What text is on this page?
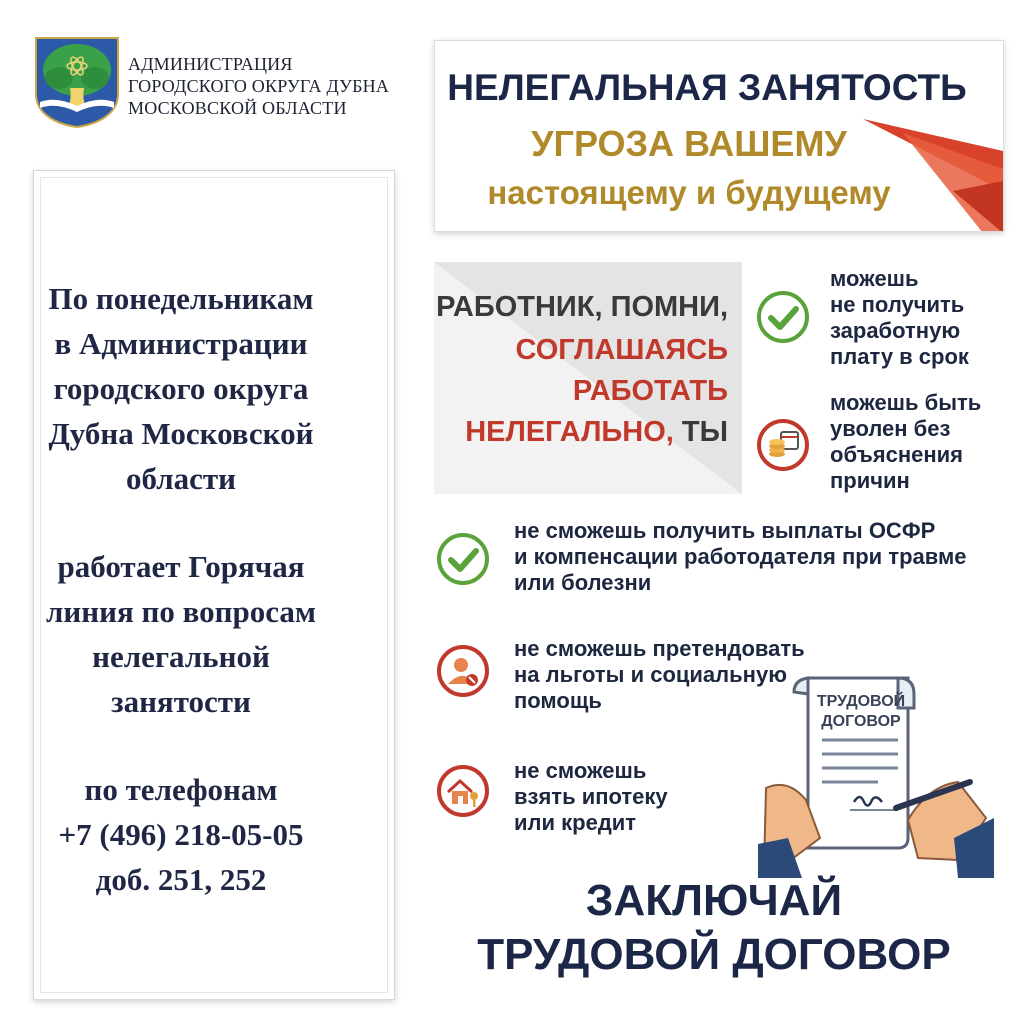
АДМИНИСТРАЦИЯ
ГОРОДСКОГО ОКРУГА ДУБНА
МОСКОВСКОЙ ОБЛАСТИ
По понедельникам
в Администрации
городского округа
Дубна Московской
области
работает Горячая
линия по вопросам
нелегальной
занятости
по телефонам
+7 (496) 218-05-05
доб. 251, 252
НЕЛЕГАЛЬНАЯ ЗАНЯТОСТЬ
УГРОЗА ВАШЕМУ
настоящему и будущему
РАБОТНИК, ПОМНИ,
СОГЛАШАЯСЬ
РАБОТАТЬ
НЕЛЕГАЛЬНО, ТЫ
можешь
не получить
заработную
плату в срок
можешь быть
уволен без
объяснения
причин
не сможешь получить выплаты ОСФР
и компенсации работодателя при травме
или болезни
не сможешь претендовать
на льготы и социальную
помощь
не сможешь
взять ипотеку
или кредит
ТРУДОВОЙ
ДОГОВОР
ЗАКЛЮЧАЙ
ТРУДОВОЙ ДОГОВОР
